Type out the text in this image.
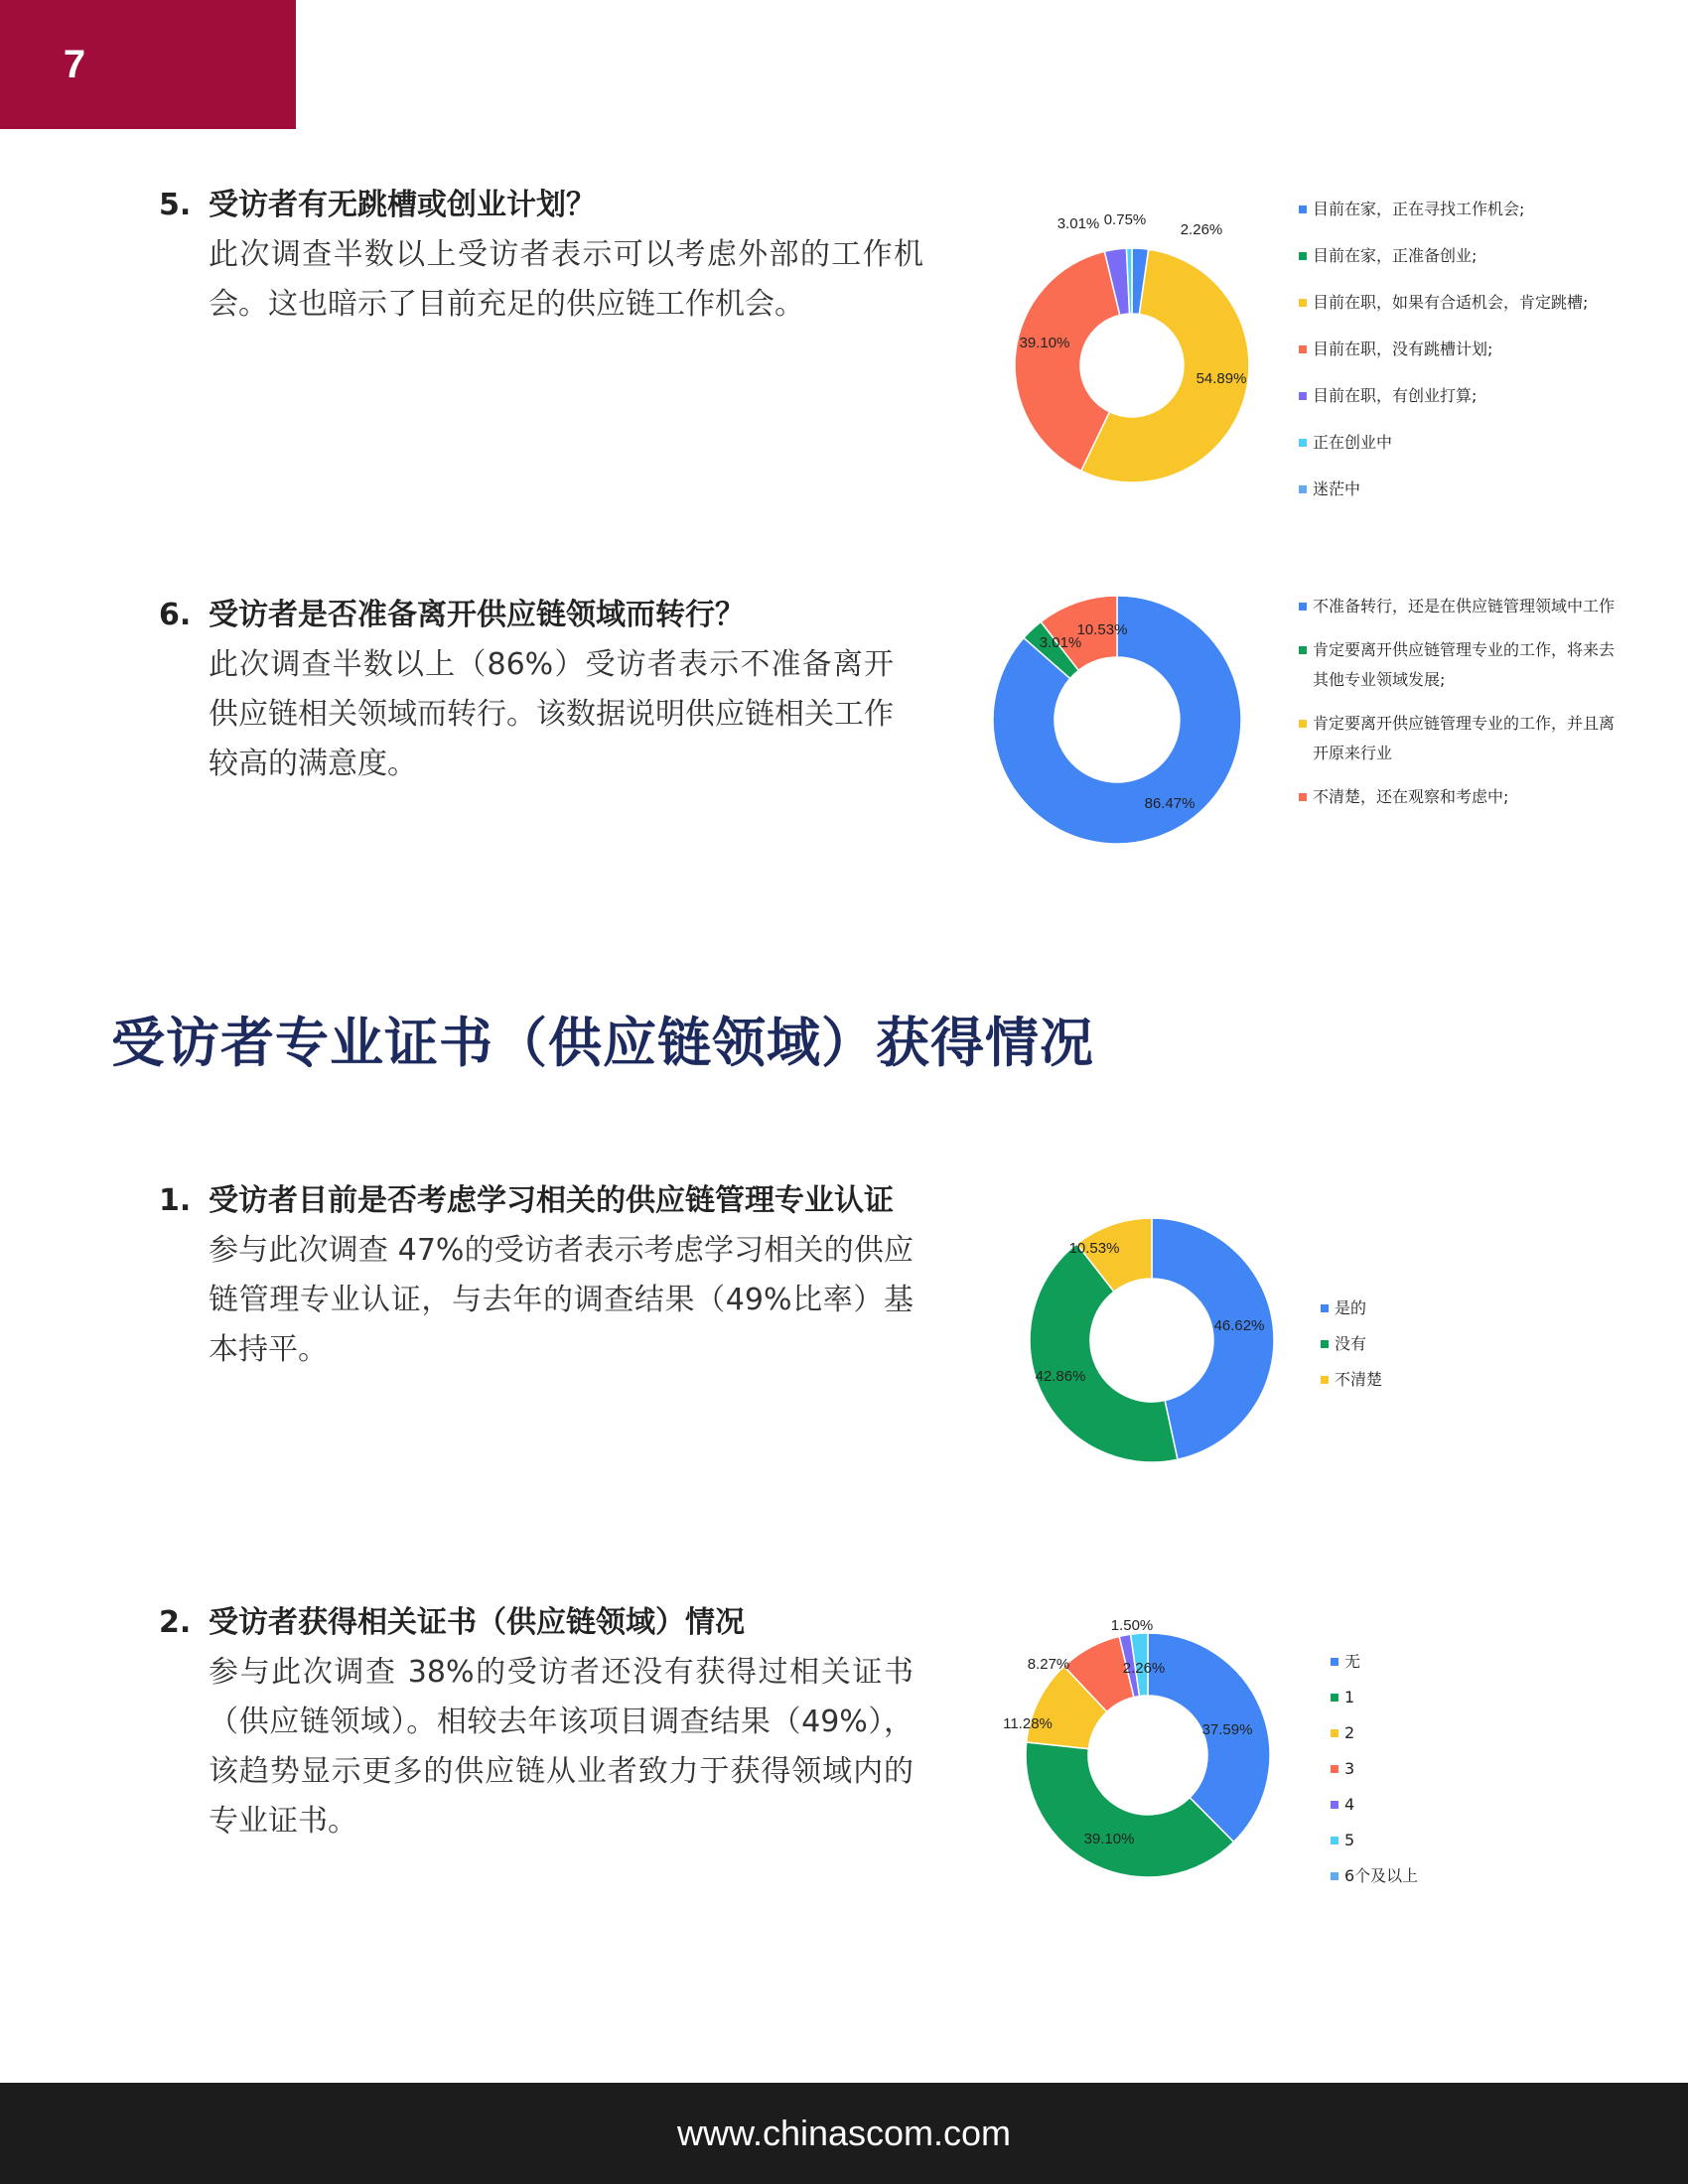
7
5. 受访者有无跳槽或创业计划？
此次调查半数以上受访者表示可以考虑外部的工作机会。这也暗示了目前充足的供应链工作机会。
6. 受访者是否准备离开供应链领域而转行？
此次调查半数以上（86%）受访者表示不准备离开供应链相关领域而转行。该数据说明供应链相关工作较高的满意度。
受访者专业证书（供应链领域）获得情况
1. 受访者目前是否考虑学习相关的供应链管理专业认证
参与此次调查 47%的受访者表示考虑学习相关的供应链管理专业认证，与去年的调查结果（49%比率）基本持平。
2. 受访者获得相关证书（供应链领域）情况
参与此次调查 38%的受访者还没有获得过相关证书（供应链领域）。相较去年该项目调查结果（49%），该趋势显示更多的供应链从业者致力于获得领域内的专业证书。
2.26%
54.89%
39.10%
3.01% 0.75%
目前在家，正在寻找工作机会;
目前在家，正准备创业;
目前在职，如果有合适机会，肯定跳槽;
目前在职，没有跳槽计划;
目前在职，有创业打算;
正在创业中
迷茫中
86.47%
3.01%
10.53%
不准备转行，还是在供应链管理领域中工作
肯定要离开供应链管理专业的工作，将来去其他专业领域发展;
肯定要离开供应链管理专业的工作，并且离开原来行业
不清楚，还在观察和考虑中;
46.62%
42.86%
10.53%
是的
没有
不清楚
37.59%
39.10%
11.28%
8.27%
1.50%
2.26%	无
1
2
3
4
5
6个及以上
www.chinascom.com
